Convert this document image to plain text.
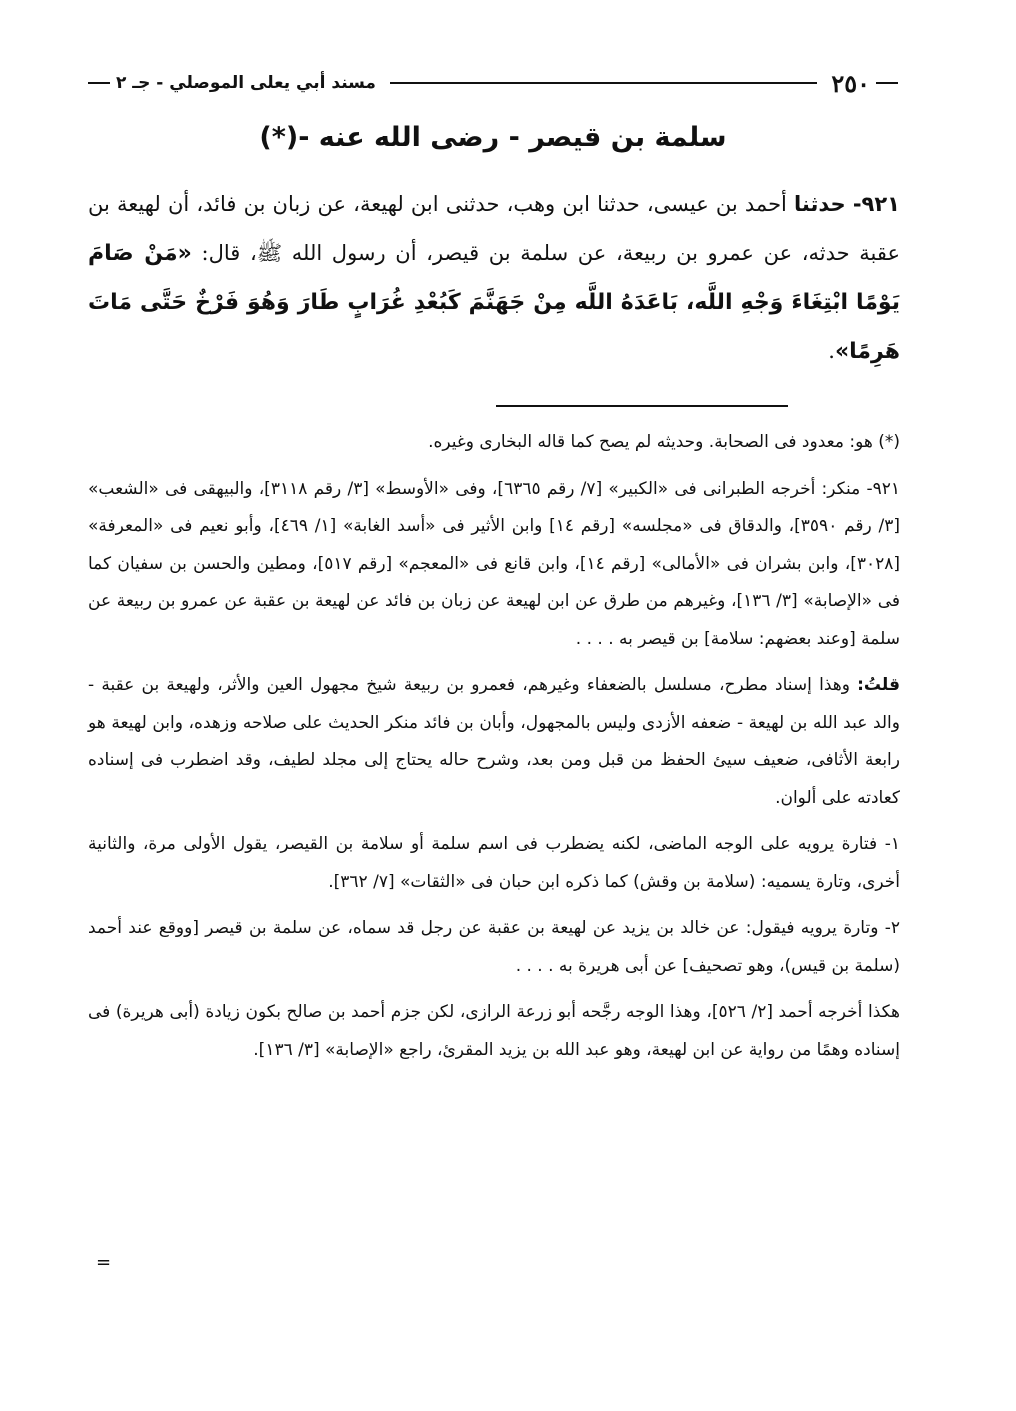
مسند أبي يعلى الموصلي - جـ ٢	٢٥٠
سلمة بن قيصر - رضى الله عنه -(*)
٩٢١- حدثنا أحمد بن عيسى، حدثنا ابن وهب، حدثنى ابن لهيعة، عن زبان بن فائد، أن لهيعة بن عقبة حدثه، عن عمرو بن ربيعة، عن سلمة بن قيصر، أن رسول الله ﷺ، قال: «مَنْ صَامَ يَوْمًا ابْتِغَاءَ وَجْهِ اللَّه، بَاعَدَهُ اللَّه مِنْ جَهَنَّمَ كَبُعْدِ غُرَابٍ طَارَ وَهُوَ فَرْخٌ حَتَّى مَاتَ هَرِمًا».

(*) هو: معدود فى الصحابة. وحديثه لم يصح كما قاله البخارى وغيره.

٩٢١- منكر: أخرجه الطبرانى فى «الكبير» [٧/ رقم ٦٣٦٥]، وفى «الأوسط» [٣/ رقم ٣١١٨]، والبيهقى فى «الشعب» [٣/ رقم ٣٥٩٠]، والدقاق فى «مجلسه» [رقم ١٤] وابن الأثير فى «أسد الغابة» [١/ ٤٦٩]، وأبو نعيم فى «المعرفة» [٣٠٢٨]، وابن بشران فى «الأمالى» [رقم ١٤]، وابن قانع فى «المعجم» [رقم ٥١٧]، ومطين والحسن بن سفيان كما فى «الإصابة» [٣/ ١٣٦]، وغيرهم من طرق عن ابن لهيعة عن زبان بن فائد عن لهيعة بن عقبة عن عمرو بن ربيعة عن سلمة [وعند بعضهم: سلامة] بن قيصر به . . . .

قلتُ: وهذا إسناد مطرح، مسلسل بالضعفاء وغيرهم، فعمرو بن ربيعة شيخ مجهول العين والأثر، ولهيعة بن عقبة - والد عبد الله بن لهيعة - ضعفه الأزدى وليس بالمجهول، وأبان بن فائد منكر الحديث على صلاحه وزهده، وابن لهيعة هو رابعة الأثافى، ضعيف سيئ الحفظ من قبل ومن بعد، وشرح حاله يحتاج إلى مجلد لطيف، وقد اضطرب فى إسناده كعادته على ألوان.

١- فتارة يرويه على الوجه الماضى، لكنه يضطرب فى اسم سلمة أو سلامة بن القيصر، يقول الأولى مرة، والثانية أخرى، وتارة يسميه: (سلامة بن وقش) كما ذكره ابن حبان فى «الثقات» [٧/ ٣٦٢].

٢- وتارة يرويه فيقول: عن خالد بن يزيد عن لهيعة بن عقبة عن رجل قد سماه، عن سلمة بن قيصر [ووقع عند أحمد (سلمة بن قيس)، وهو تصحيف] عن أبى هريرة به . . . .

هكذا أخرجه أحمد [٢/ ٥٢٦]، وهذا الوجه رجَّحه أبو زرعة الرازى، لكن جزم أحمد بن صالح بكون زيادة (أبى هريرة) فى إسناده وهمًا من رواية عن ابن لهيعة، وهو عبد الله بن يزيد المقرئ، راجع «الإصابة» [٣/ ١٣٦].

=
